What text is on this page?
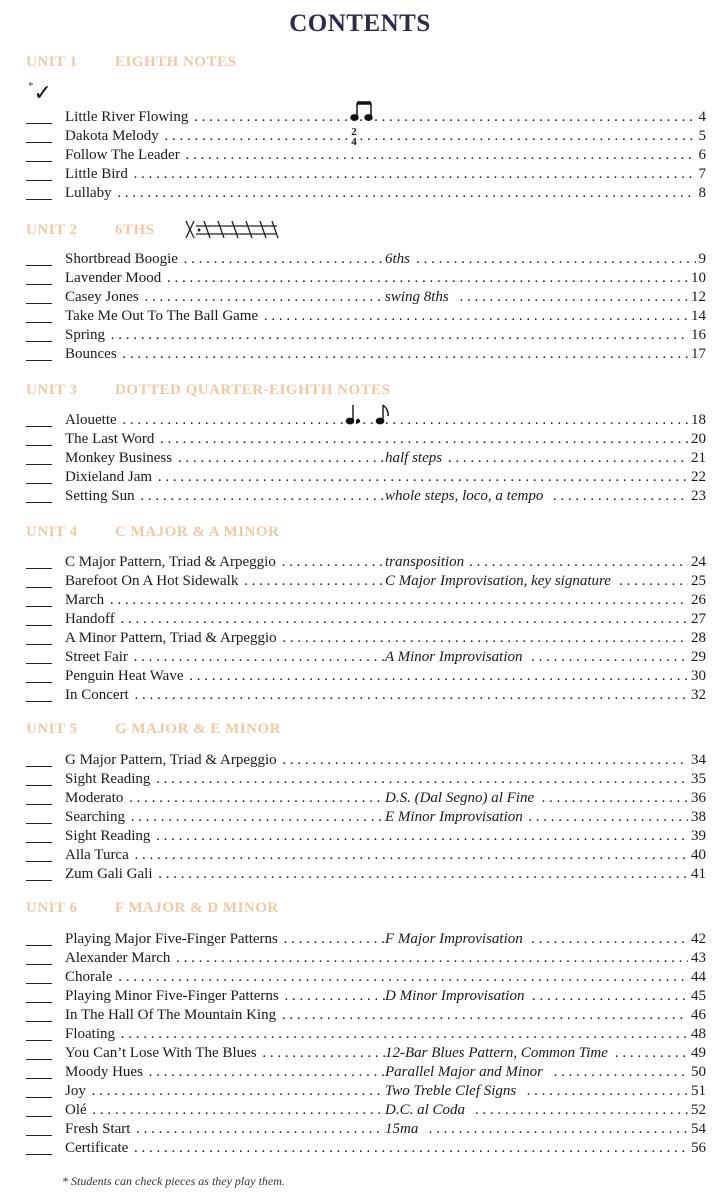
CONTENTS
UNIT 1	EIGHTH NOTES
*✓
UNIT 2	6THS
UNIT 3	DOTTED QUARTER-EIGHTH NOTES
UNIT 4	C MAJOR & A MINOR
UNIT 5	G MAJOR & E MINOR
UNIT 6	F MAJOR & D MINOR
Little River Flowing	4
. . .
Dakota Melody	5
. . .
Follow The Leader	6
. . .
Little Bird	7
. . .
Lullaby	8
. . .
Shortbread Boogie	6ths	9
. . .
Lavender Mood	10
. . .
Casey Jones	swing 8ths	12
. . .
Take Me Out To The Ball Game	14
. . .
Spring	16
. . .
Bounces	17
. . .
Alouette	18
. . .
The Last Word	20
. . .
Monkey Business	half steps	21
. . .
Dixieland Jam	22
. . .
Setting Sun	whole steps, loco, a tempo	23
. . .
C Major Pattern, Triad & Arpeggio	transposition	24
. . .
Barefoot On A Hot Sidewalk	C Major Improvisation, key signature	25
. . .
March	26
. . .
Handoff	27
. . .
A Minor Pattern, Triad & Arpeggio	28
. . .
Street Fair	A Minor Improvisation	29
. . .
Penguin Heat Wave	30
. . .
In Concert	32
. . .
G Major Pattern, Triad & Arpeggio	34
. . .
Sight Reading	35
. . .
Moderato	D.S. (Dal Segno) al Fine	36
. . .
Searching	E Minor Improvisation	38
. . .
Sight Reading	39
. . .
Alla Turca	40
. . .
Zum Gali Gali	41
. . .
Playing Major Five-Finger Patterns	F Major Improvisation	42
. . .
Alexander March	43
. . .
Chorale	44
. . .
Playing Minor Five-Finger Patterns	D Minor Improvisation	45
. . .
In The Hall Of The Mountain King	46
. . .
Floating	48
. . .
You Can’t Lose With The Blues	12-Bar Blues Pattern, Common Time	49
. . .
Moody Hues	Parallel Major and Minor	50
. . .
Joy	Two Treble Clef Signs	51
. . .
Olé	D.C. al Coda	52
. . .
Fresh Start	15ma	54
. . .
Certificate	56
. . .
2
4
* Students can check pieces as they play them.
